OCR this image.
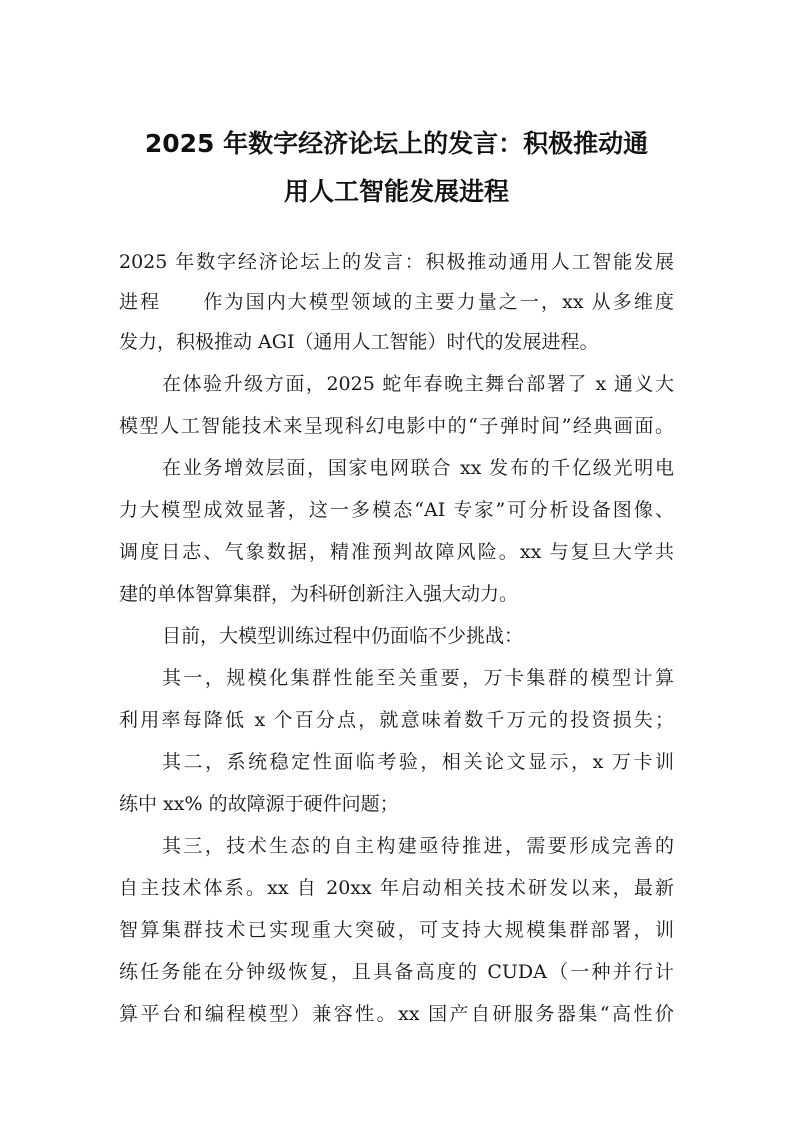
2025 年数字经济论坛上的发言：积极推动通
用人工智能发展进程
2025 年数字经济论坛上的发言：积极推动通用人工智能发展
进程　　作为国内大模型领域的主要力量之一，xx 从多维度
发力，积极推动 AGI（通用人工智能）时代的发展进程。
在体验升级方面，2025 蛇年春晚主舞台部署了 x 通义大
模型人工智能技术来呈现科幻电影中的“子弹时间”经典画面。
在业务增效层面，国家电网联合 xx 发布的千亿级光明电
力大模型成效显著，这一多模态“AI 专家”可分析设备图像、
调度日志、气象数据，精准预判故障风险。xx 与复旦大学共
建的单体智算集群，为科研创新注入强大动力。
目前，大模型训练过程中仍面临不少挑战：
其一，规模化集群性能至关重要，万卡集群的模型计算
利用率每降低 x 个百分点，就意味着数千万元的投资损失；
其二，系统稳定性面临考验，相关论文显示，x 万卡训
练中 xx% 的故障源于硬件问题；
其三，技术生态的自主构建亟待推进，需要形成完善的
自主技术体系。xx 自 20xx 年启动相关技术研发以来，最新
智算集群技术已实现重大突破，可支持大规模集群部署，训
练任务能在分钟级恢复，且具备高度的 CUDA（一种并行计
算平台和编程模型）兼容性。xx 国产自研服务器集“高性价
